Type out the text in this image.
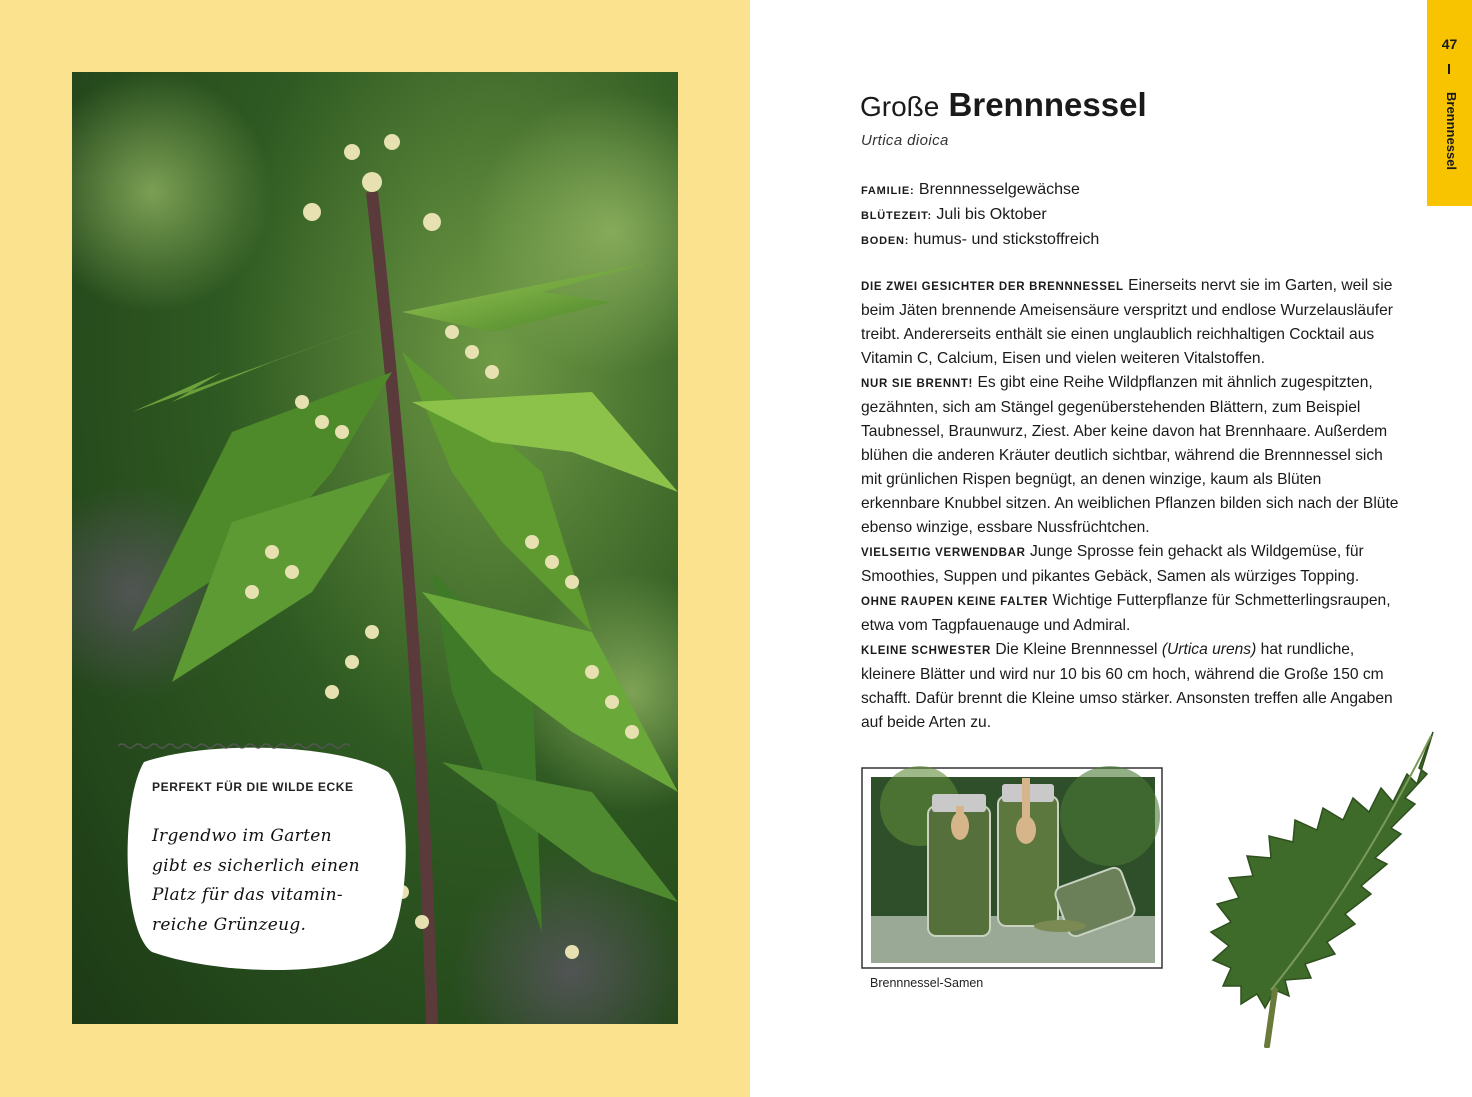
PERFEKT FÜR DIE WILDE ECKE
Irgendwo im Garten
gibt es sicherlich einen
Platz für das vitamin-
reiche Grünzeug.
47
Brennnessel
Große Brennnessel
Urtica dioica
FAMILIE: Brennnesselgewächse
BLÜTEZEIT: Juli bis Oktober
BODEN: humus- und stickstoffreich

DIE ZWEI GESICHTER DER BRENNNESSEL Einerseits nervt sie im Garten, weil sie beim Jäten brennende Ameisensäure verspritzt und endlose Wurzelausläufer treibt. Andererseits enthält sie einen unglaublich reichhaltigen Cocktail aus Vitamin C, Calcium, Eisen und vielen weiteren Vitalstoffen.

NUR SIE BRENNT! Es gibt eine Reihe Wildpflanzen mit ähnlich zugespitzten, gezähnten, sich am Stängel gegenüberstehenden Blättern, zum Beispiel Taubnessel, Braunwurz, Ziest. Aber keine davon hat Brennhaare. Außerdem blühen die anderen Kräuter deutlich sichtbar, während die Brennnessel sich mit grünlichen Rispen begnügt, an denen winzige, kaum als Blüten erkennbare Knubbel sitzen. An weiblichen Pflanzen bilden sich nach der Blüte ebenso winzige, essbare Nussfrüchtchen.

VIELSEITIG VERWENDBAR Junge Sprosse fein gehackt als Wildgemüse, für Smoothies, Suppen und pikantes Gebäck, Samen als würziges Topping.

OHNE RAUPEN KEINE FALTER Wichtige Futterpflanze für Schmetterlingsraupen, etwa vom Tagpfauenauge und Admiral.

KLEINE SCHWESTER Die Kleine Brennnessel (Urtica urens) hat rundliche, kleinere Blätter und wird nur 10 bis 60 cm hoch, während die Große 150 cm schafft. Dafür brennt die Kleine umso stärker. Ansonsten treffen alle Angaben auf beide Arten zu.

Brennnessel-Samen
